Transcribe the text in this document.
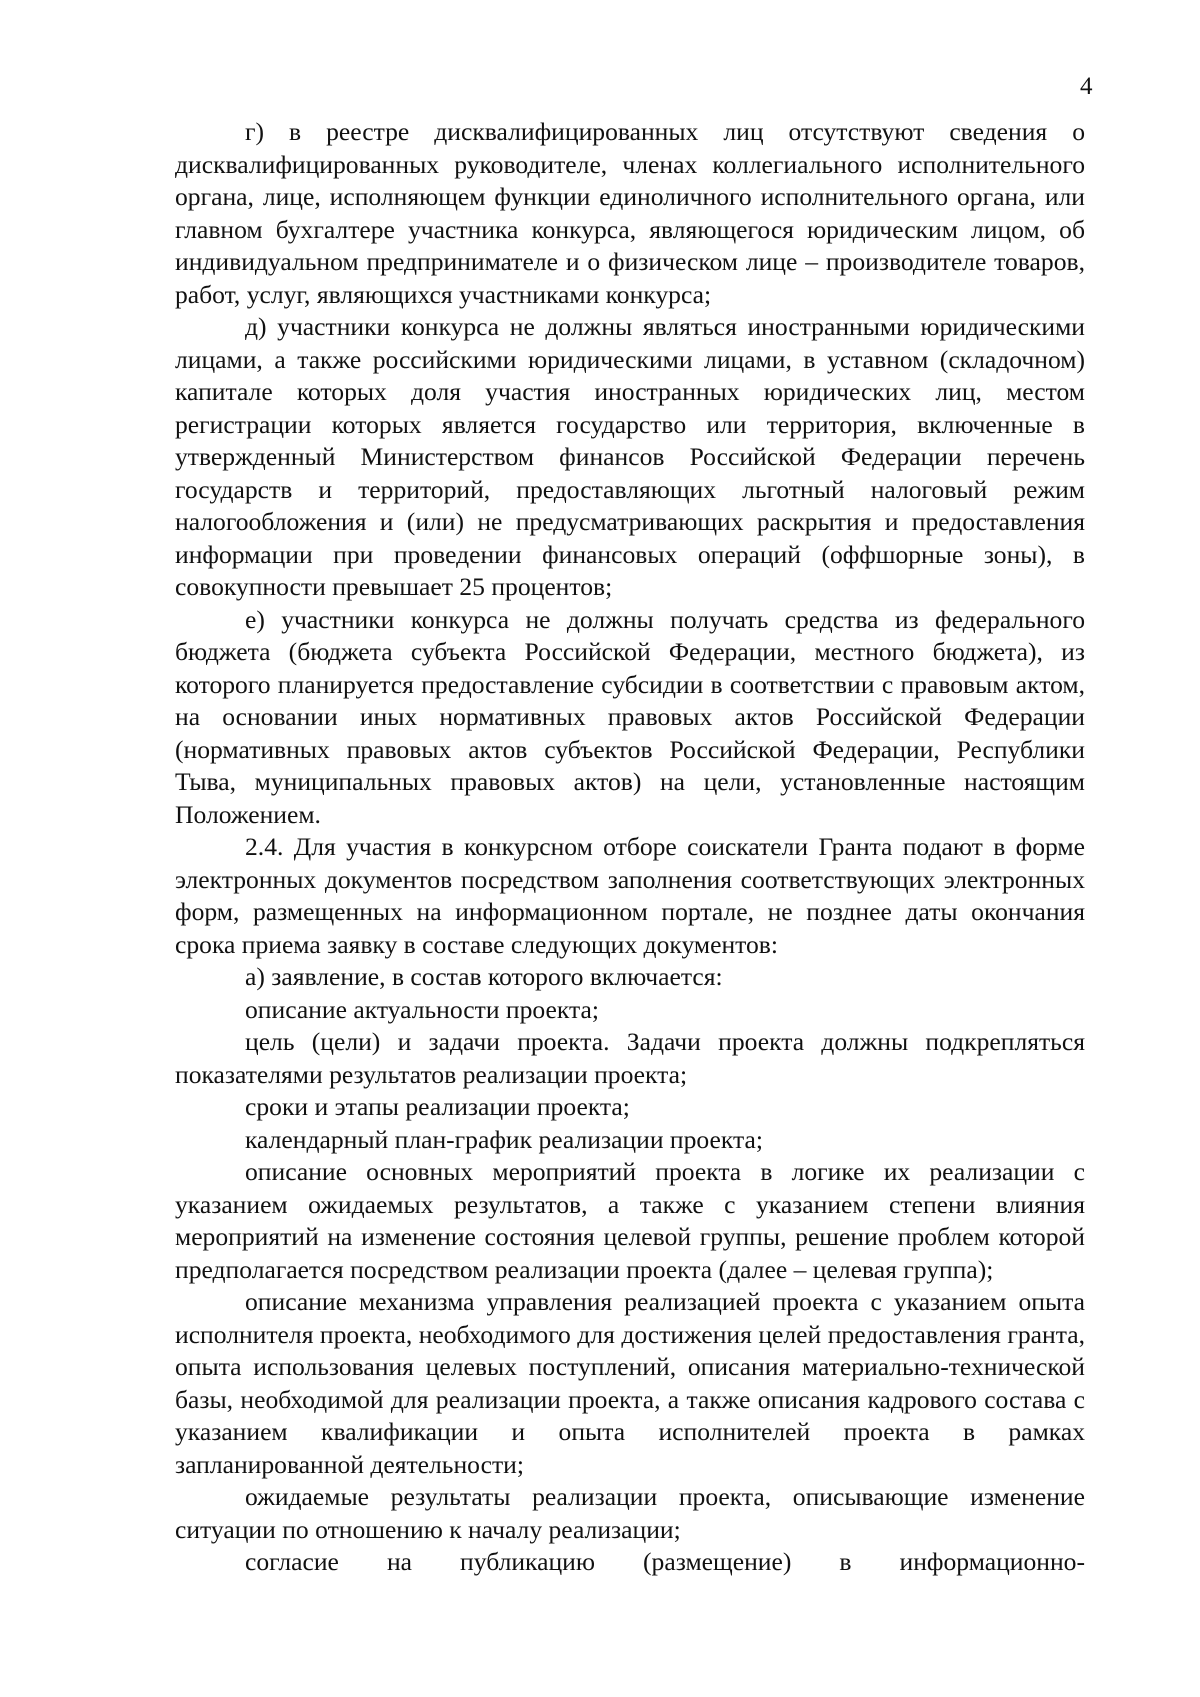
4

г) в реестре дисквалифицированных лиц отсутствуют сведения о дисквалифицированных руководителе, членах коллегиального исполнительного органа, лице, исполняющем функции единоличного исполнительного органа, или главном бухгалтере участника конкурса, являющегося юридическим лицом, об индивидуальном предпринимателе и о физическом лице – производителе товаров, работ, услуг, являющихся участниками конкурса;

д) участники конкурса не должны являться иностранными юридическими лицами, а также российскими юридическими лицами, в уставном (складочном) капитале которых доля участия иностранных юридических лиц, местом регистрации которых является государство или территория, включенные в утвержденный Министерством финансов Российской Федерации перечень государств и территорий, предоставляющих льготный налоговый режим налогообложения и (или) не предусматривающих раскрытия и предоставления информации при проведении финансовых операций (оффшорные зоны), в совокупности превышает 25 процентов;

е) участники конкурса не должны получать средства из федерального бюджета (бюджета субъекта Российской Федерации, местного бюджета), из которого планируется предоставление субсидии в соответствии с правовым актом, на основании иных нормативных правовых актов Российской Федерации (нормативных правовых актов субъектов Российской Федерации, Республики Тыва, муниципальных правовых актов) на цели, установленные настоящим Положением.

2.4. Для участия в конкурсном отборе соискатели Гранта подают в форме электронных документов посредством заполнения соответствующих электронных форм, размещенных на информационном портале, не позднее даты окончания срока приема заявку в составе следующих документов:

а) заявление, в состав которого включается:

описание актуальности проекта;

цель (цели) и задачи проекта. Задачи проекта должны подкрепляться показателями результатов реализации проекта;

сроки и этапы реализации проекта;

календарный план-график реализации проекта;

описание основных мероприятий проекта в логике их реализации с указанием ожидаемых результатов, а также с указанием степени влияния мероприятий на изменение состояния целевой группы, решение проблем которой предполагается посредством реализации проекта (далее – целевая группа);

описание механизма управления реализацией проекта с указанием опыта исполнителя проекта, необходимого для достижения целей предоставления гранта, опыта использования целевых поступлений, описания материально-технической базы, необходимой для реализации проекта, а также описания кадрового состава с указанием квалификации и опыта исполнителей проекта в рамках запланированной деятельности;

ожидаемые результаты реализации проекта, описывающие изменение ситуации по отношению к началу реализации;

согласие на публикацию (размещение) в информационно-
